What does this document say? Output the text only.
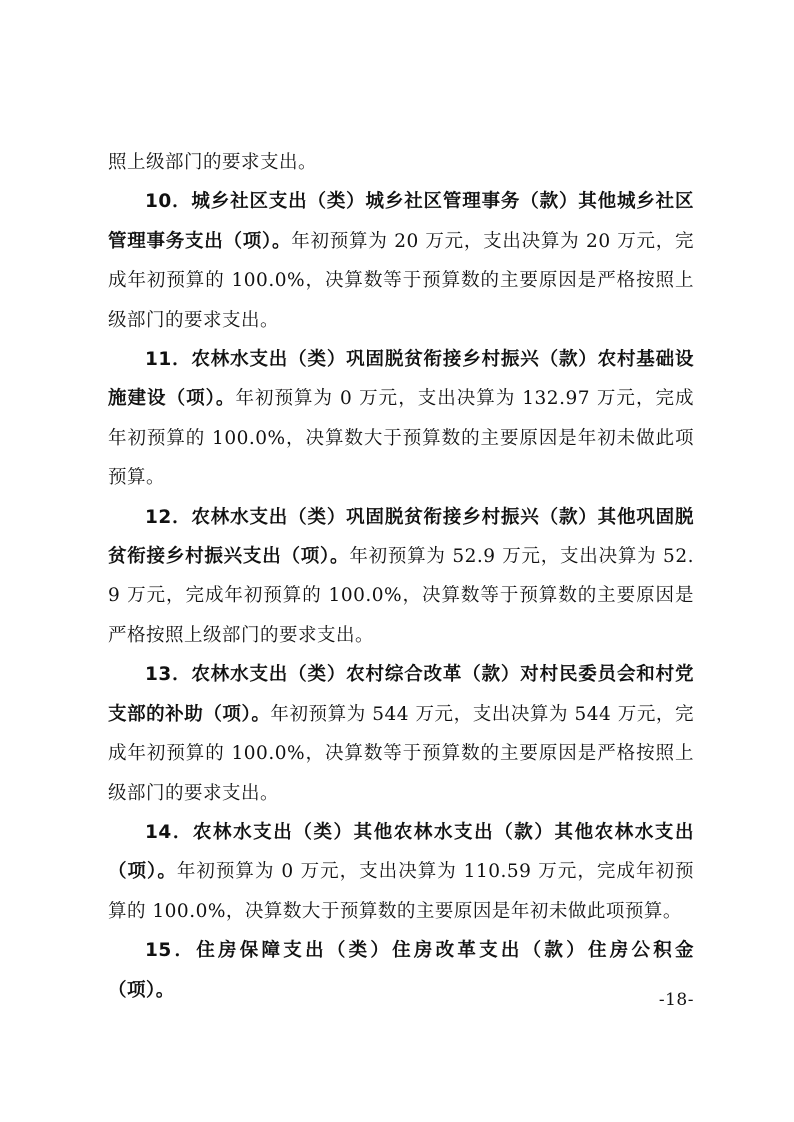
照上级部门的要求支出。

10．城乡社区支出（类）城乡社区管理事务（款）其他城乡社区管理事务支出（项）。年初预算为 20 万元，支出决算为 20 万元，完成年初预算的 100.0%，决算数等于预算数的主要原因是严格按照上级部门的要求支出。

11．农林水支出（类）巩固脱贫衔接乡村振兴（款）农村基础设施建设（项）。年初预算为 0 万元，支出决算为 132.97 万元，完成年初预算的 100.0%，决算数大于预算数的主要原因是年初未做此项预算。

12．农林水支出（类）巩固脱贫衔接乡村振兴（款）其他巩固脱贫衔接乡村振兴支出（项）。年初预算为 52.9 万元，支出决算为 52.9 万元，完成年初预算的 100.0%，决算数等于预算数的主要原因是严格按照上级部门的要求支出。

13．农林水支出（类）农村综合改革（款）对村民委员会和村党支部的补助（项）。年初预算为 544 万元，支出决算为 544 万元，完成年初预算的 100.0%，决算数等于预算数的主要原因是严格按照上级部门的要求支出。

14．农林水支出（类）其他农林水支出（款）其他农林水支出（项）。年初预算为 0 万元，支出决算为 110.59 万元，完成年初预算的 100.0%，决算数大于预算数的主要原因是年初未做此项预算。

15．住房保障支出（类）住房改革支出（款）住房公积金（项）。	-18-
